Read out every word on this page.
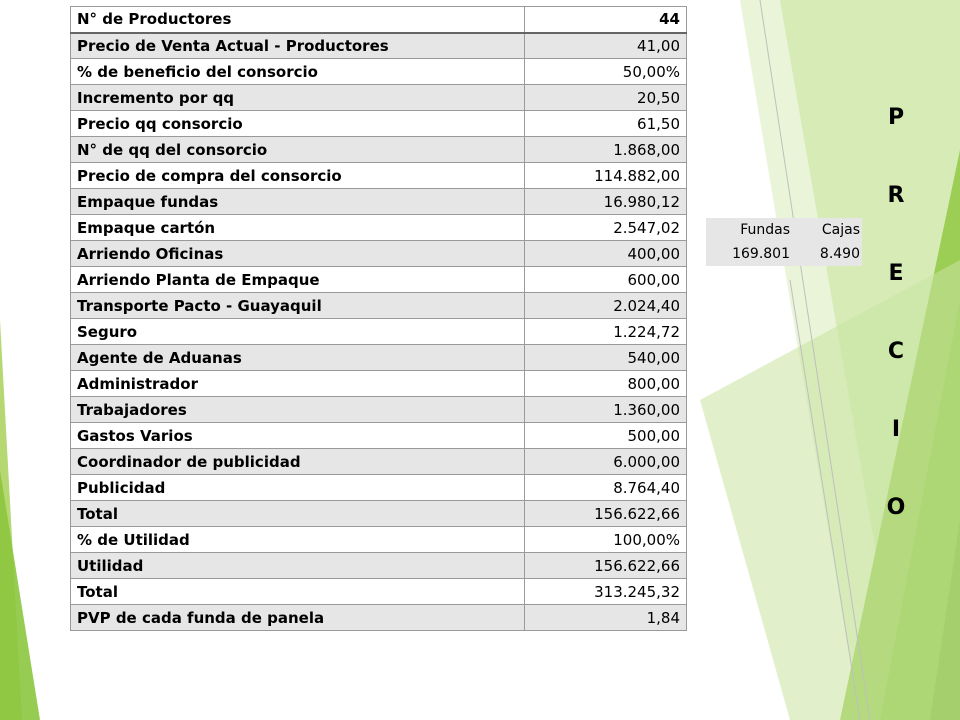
N° de Productores	44
Precio de Venta Actual - Productores	41,00
% de beneficio del consorcio	50,00%
Incremento por qq	20,50
Precio qq consorcio	61,50
N° de qq del consorcio	1.868,00
Precio de compra del consorcio	114.882,00
Empaque fundas	16.980,12
Empaque cartón	2.547,02
Arriendo Oficinas	400,00
Arriendo Planta de Empaque	600,00
Transporte Pacto - Guayaquil	2.024,40
Seguro	1.224,72
Agente de Aduanas	540,00
Administrador	800,00
Trabajadores	1.360,00
Gastos Varios	500,00
Coordinador de publicidad	6.000,00
Publicidad	8.764,40
Total	156.622,66
% de Utilidad	100,00%
Utilidad	156.622,66
Total	313.245,32
PVP de cada funda de panela	1,84
Fundas	Cajas
169.801	8.490
P
R
E
C
I
O
